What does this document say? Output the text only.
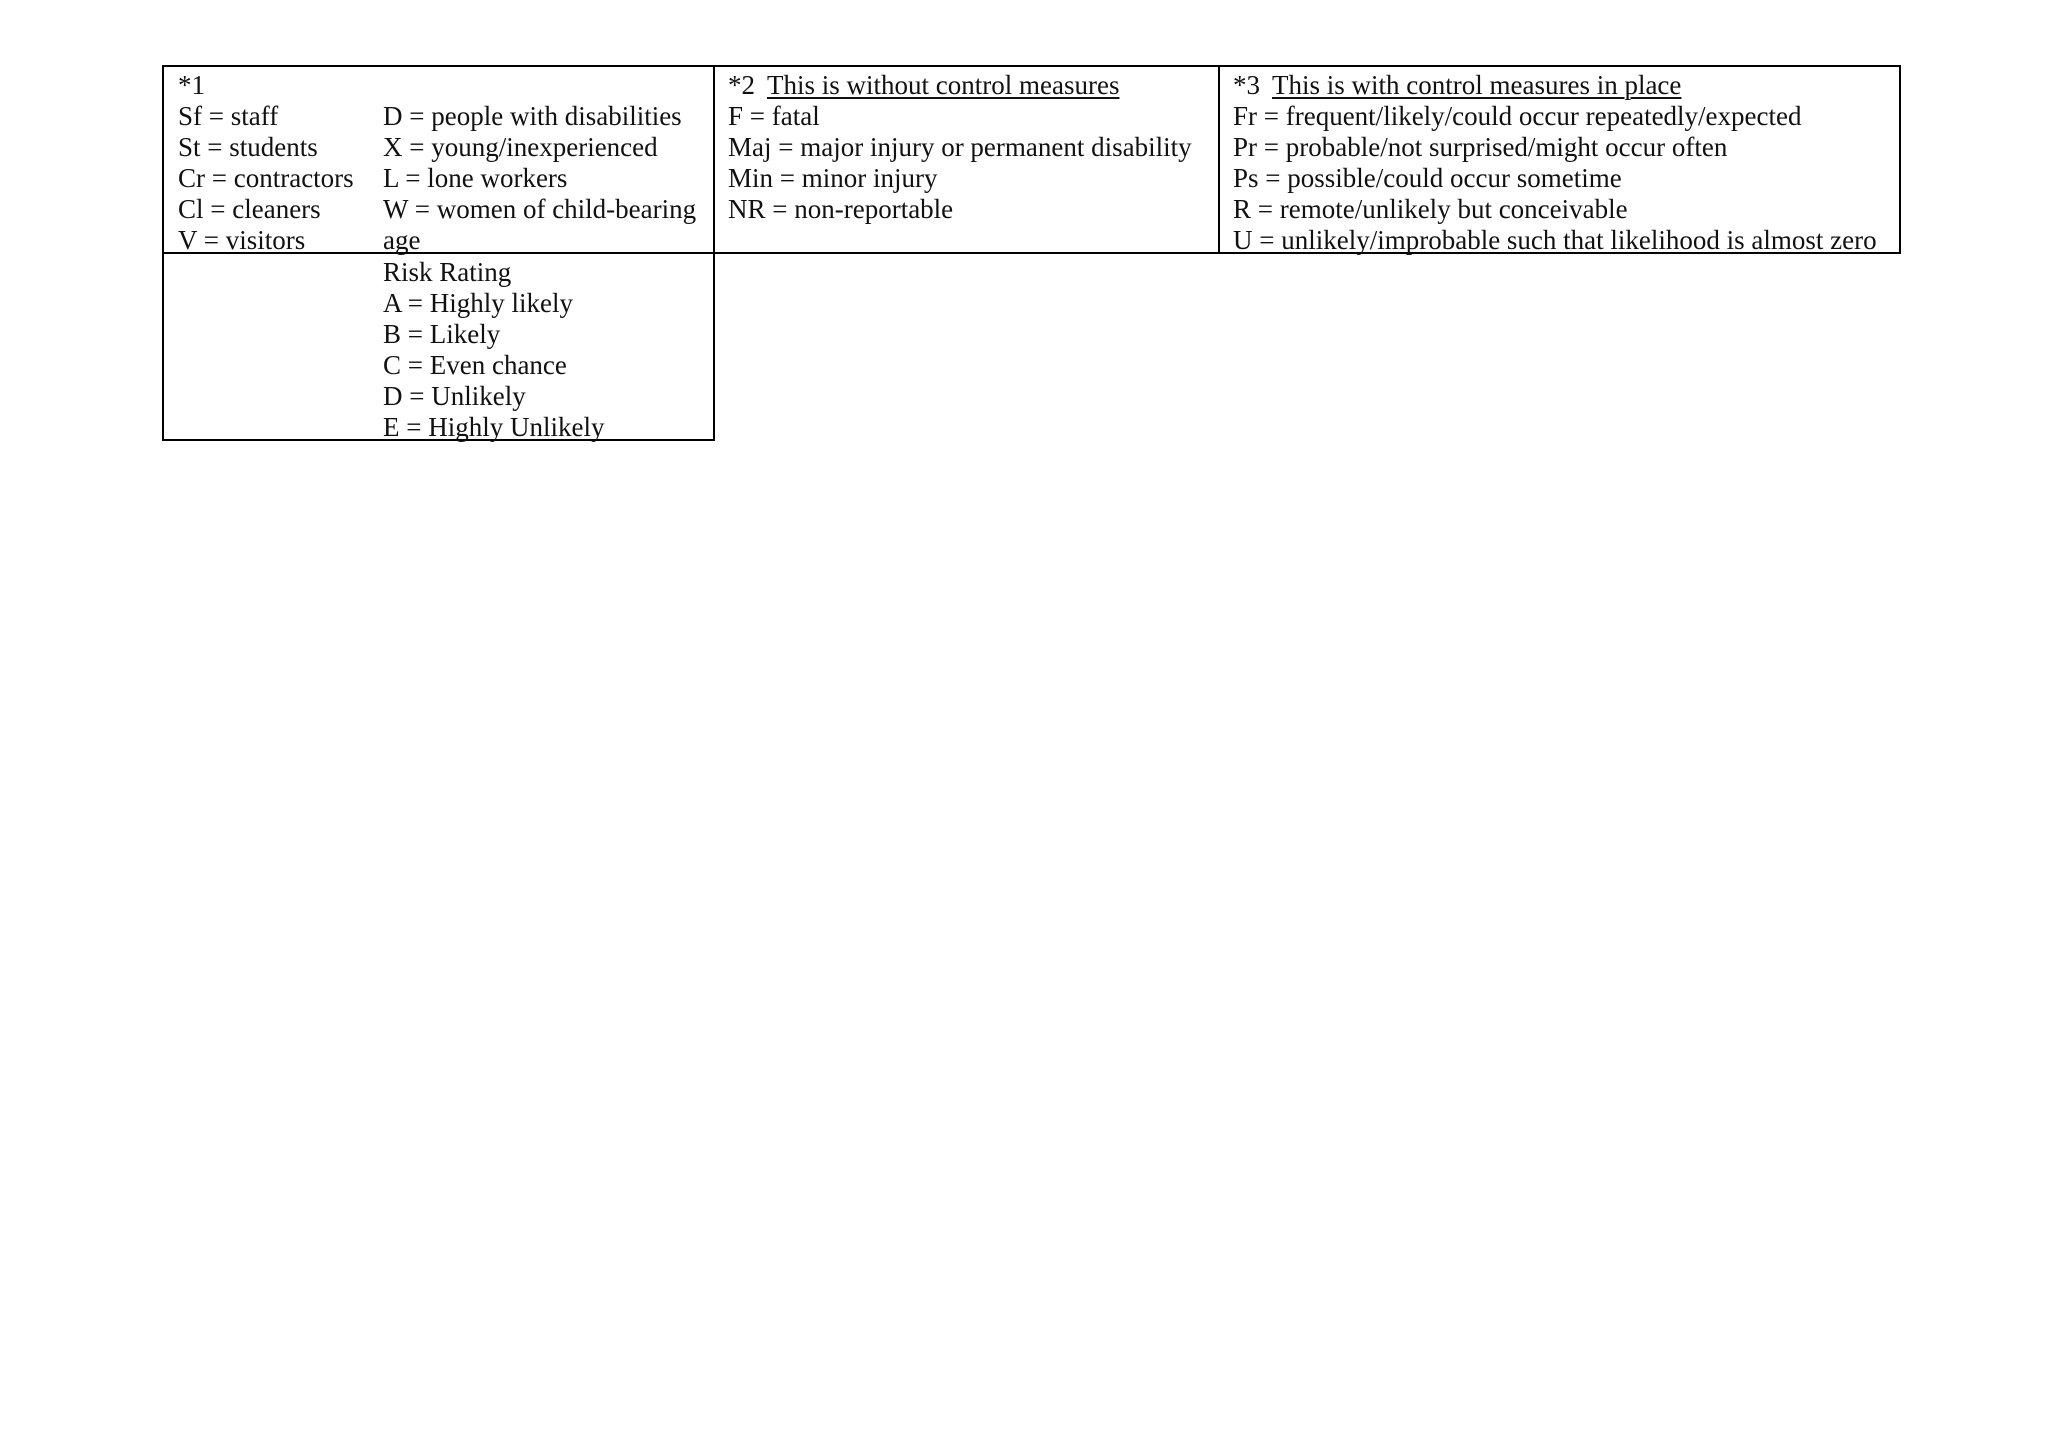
*1
Sf = staff
St = students
Cr = contractors
Cl = cleaners
V = visitors
D = people with disabilities
X = young/inexperienced
L = lone workers
W = women of child-bearing
age
*2 This is without control measures
F = fatal
Maj = major injury or permanent disability
Min = minor injury
NR = non-reportable
*3 This is with control measures in place
Fr = frequent/likely/could occur repeatedly/expected
Pr = probable/not surprised/might occur often
Ps = possible/could occur sometime
R = remote/unlikely but conceivable
U = unlikely/improbable such that likelihood is almost zero
Risk Rating
A = Highly likely
B = Likely
C = Even chance
D = Unlikely
E = Highly Unlikely
